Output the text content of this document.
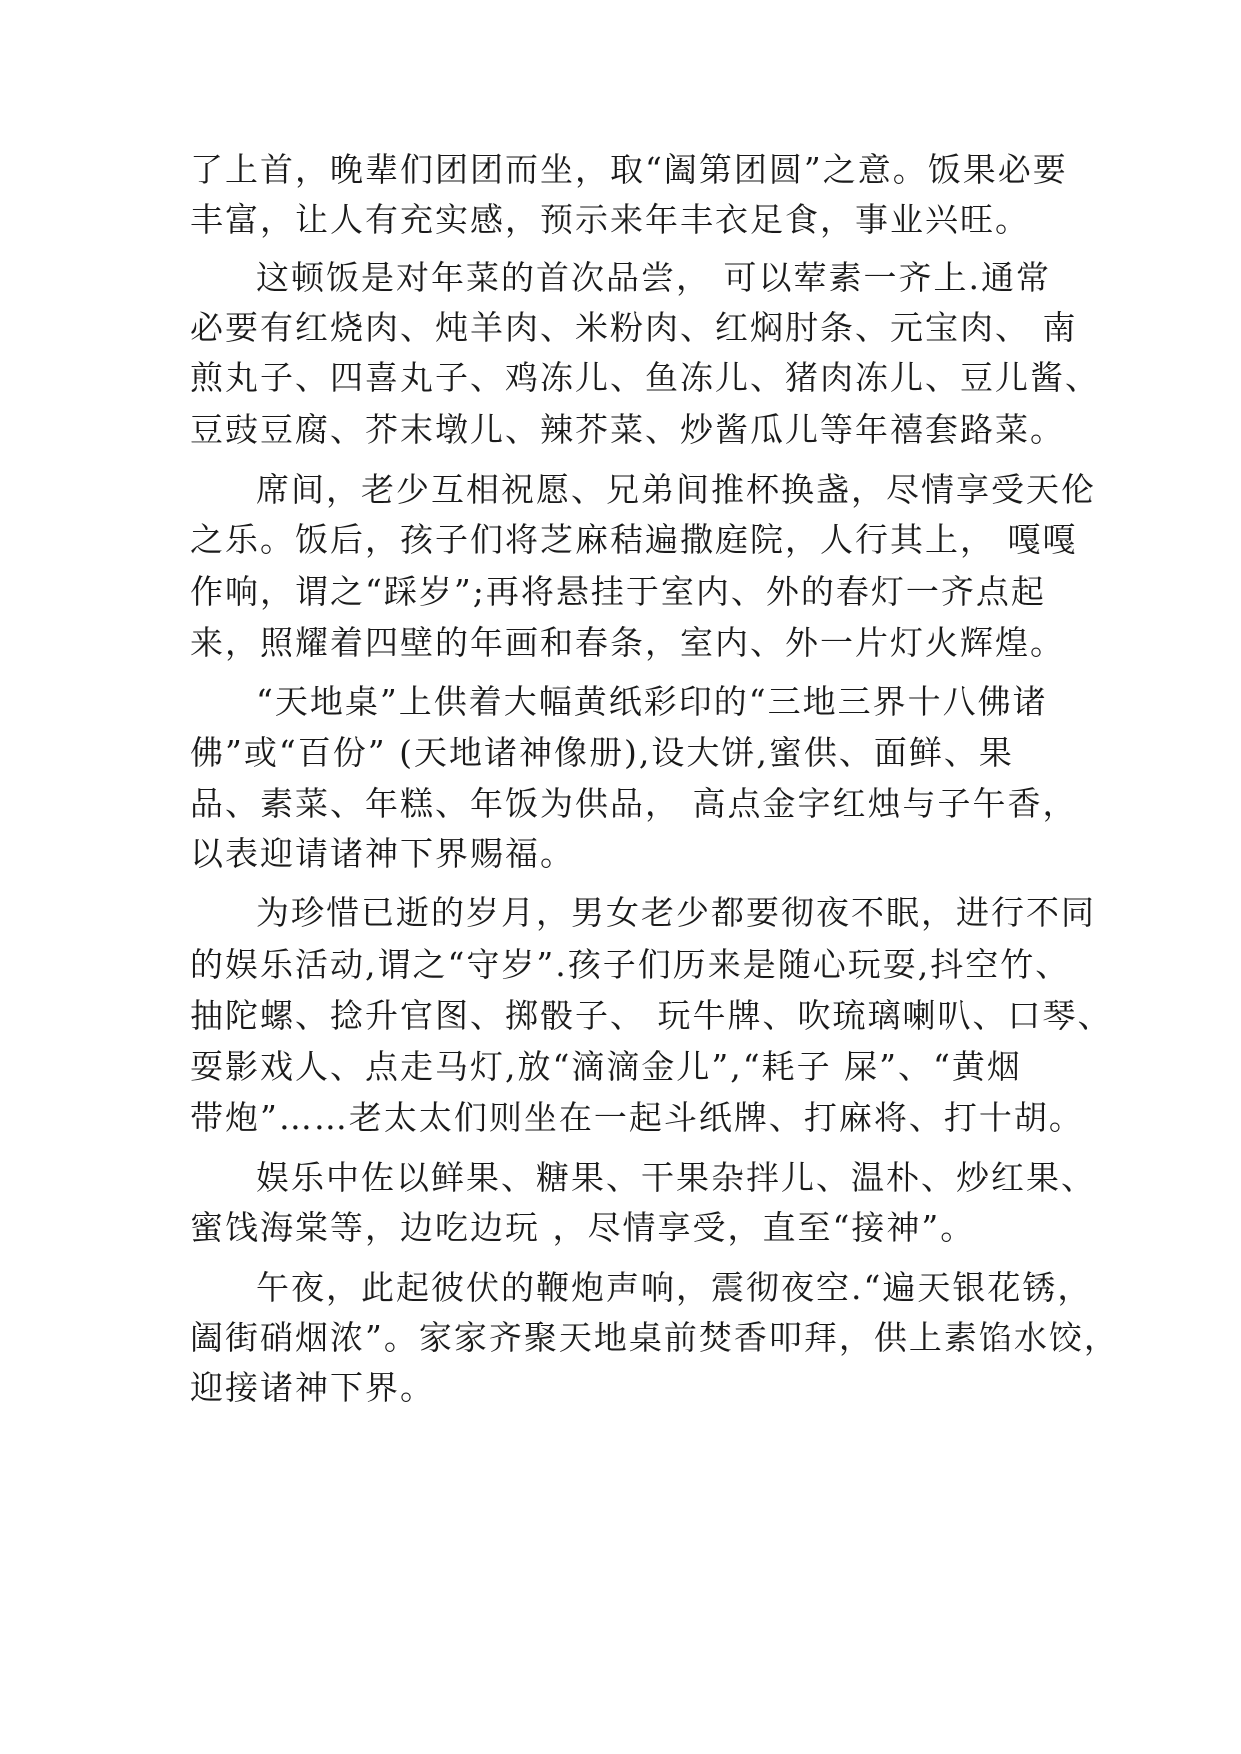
了上首，晚辈们团团而坐，取“阖第团圆”之意。饭果必要
丰富，让人有充实感，预示来年丰衣足食，事业兴旺。
这顿饭是对年菜的首次品尝， 可以荤素一齐上.通常
必要有红烧肉、炖羊肉、米粉肉、红焖肘条、元宝肉、 南
煎丸子、四喜丸子、鸡冻儿、鱼冻儿、猪肉冻儿、豆儿酱、
豆豉豆腐、芥末墩儿、辣芥菜、炒酱瓜儿等年禧套路菜。
席间，老少互相祝愿、兄弟间推杯换盏，尽情享受天伦
之乐。饭后，孩子们将芝麻秸遍撒庭院，人行其上， 嘎嘎
作响，谓之“踩岁”;再将悬挂于室内、外的春灯一齐点起
来，照耀着四壁的年画和春条，室内、外一片灯火辉煌。
“天地桌”上供着大幅黄纸彩印的“三地三界十八佛诸
佛”或“百份” (天地诸神像册),设大饼,蜜供、面鲜、果
品、素菜、年糕、年饭为供品， 高点金字红烛与子午香，
以表迎请诸神下界赐福。
为珍惜已逝的岁月，男女老少都要彻夜不眠，进行不同
的娱乐活动,谓之“守岁”.孩子们历来是随心玩耍,抖空竹、
抽陀螺、捻升官图、掷骰子、 玩牛牌、吹琉璃喇叭、口琴、
耍影戏人、点走马灯,放“滴滴金儿”,“耗子 屎”、“黄烟
带炮”……老太太们则坐在一起斗纸牌、打麻将、打十胡。
娱乐中佐以鲜果、糖果、干果杂拌儿、温朴、炒红果、
蜜饯海棠等，边吃边玩 ，尽情享受，直至“接神”。
午夜，此起彼伏的鞭炮声响，震彻夜空.“遍天银花锈，
阖街硝烟浓”。家家齐聚天地桌前焚香叩拜，供上素馅水饺，
迎接诸神下界。
